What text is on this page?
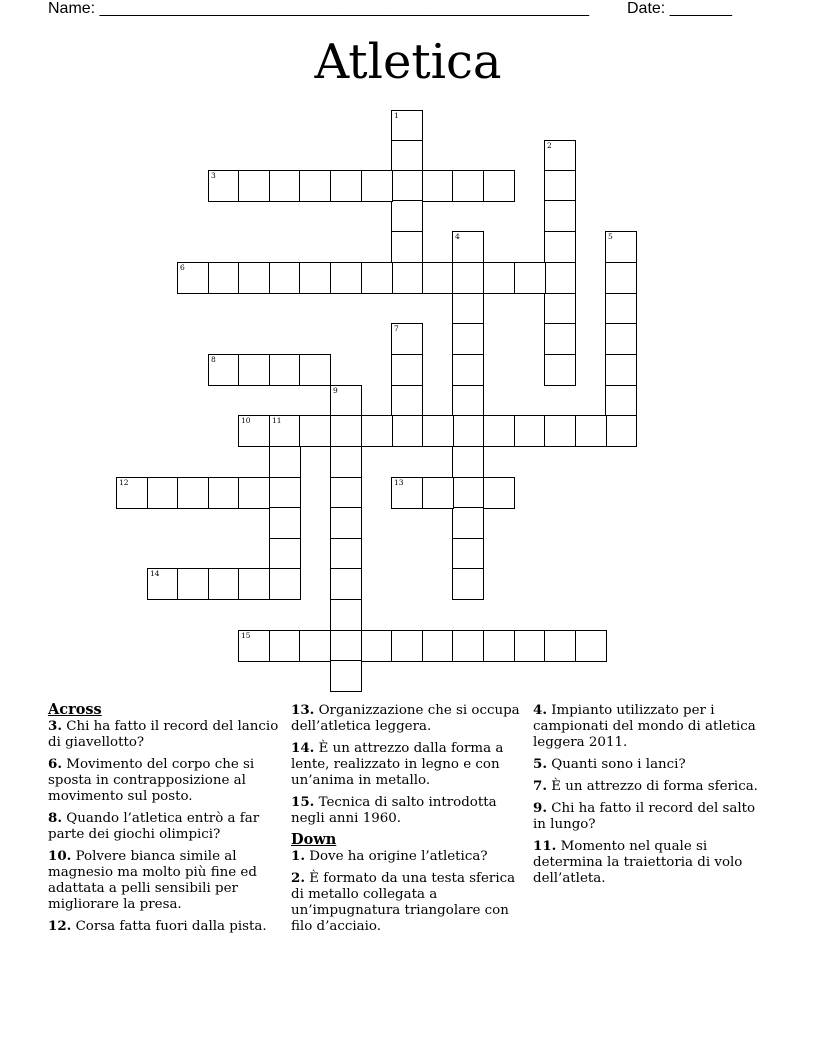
Name: _______________________________________________________ Date: _______
Atletica
1
2
3
6
4	5
7
8
9
10	11
12	13
14
15
Across
3. Chi ha fatto il record del lancio di giavellotto?
6. Movimento del corpo che si sposta in contrapposizione al movimento sul posto.
8. Quando l’atletica entrò a far parte dei giochi olimpici?
10. Polvere bianca simile al magnesio ma molto più fine ed adattata a pelli sensibili per migliorare la presa.
12. Corsa fatta fuori dalla pista.
13. Organizzazione che si occupa dell’atletica leggera.
14. È un attrezzo dalla forma a lente, realizzato in legno e con un’anima in metallo.
15. Tecnica di salto introdotta negli anni 1960.
Down
1. Dove ha origine l’atletica?
2. È formato da una testa sferica di metallo collegata a un’impugnatura triangolare con filo d’acciaio.
4. Impianto utilizzato per i campionati del mondo di atletica leggera 2011.
5. Quanti sono i lanci?
7. È un attrezzo di forma sferica.
9. Chi ha fatto il record del salto in lungo?
11. Momento nel quale si determina la traiettoria di volo dell’atleta.
